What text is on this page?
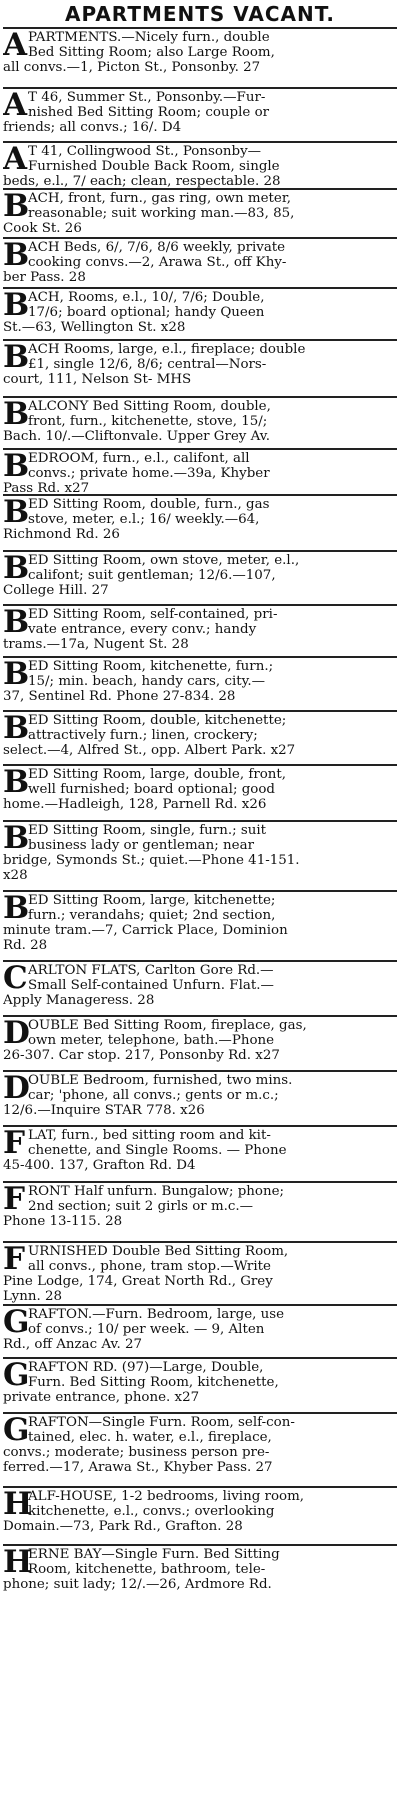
APARTMENTS VACANT.
A PARTMENTS.—Nicely furn., double
Bed Sitting Room; also Large Room,
all convs.—1, Picton St., Ponsonby. 27
A T 46, Summer St., Ponsonby.—Fur-
nished Bed Sitting Room; couple or
friends; all convs.; 16/. D4
A T 41, Collingwood St., Ponsonby—
Furnished Double Back Room, single
beds, e.l., 7/ each; clean, respectable. 28
B
ACH, front, furn., gas ring, own meter,
reasonable; suit working man.—83, 85,
Cook St. 26
B
ACH Beds, 6/, 7/6, 8/6 weekly, private
cooking convs.—2, Arawa St., off Khy-
ber Pass. 28
B
ACH, Rooms, e.l., 10/, 7/6; Double,
17/6; board optional; handy Queen
St.—63, Wellington St. x28
B
ACH Rooms, large, e.l., fireplace; double
£1, single 12/6, 8/6; central—Nors-
court, 111, Nelson St- MHS
B
ALCONY Bed Sitting Room, double,
front, furn., kitchenette, stove, 15/;
Bach. 10/.—Cliftonvale. Upper Grey Av.
B
EDROOM, furn., e.l., califont, all
convs.; private home.—39a, Khyber
Pass Rd. x27
B
ED Sitting Room, double, furn., gas
stove, meter, e.l.; 16/ weekly.—64,
Richmond Rd. 26
B
ED Sitting Room, own stove, meter, e.l.,
califont; suit gentleman; 12/6.—107,
College Hill. 27
B
ED Sitting Room, self-contained, pri-
vate entrance, every conv.; handy
trams.—17a, Nugent St. 28
B
ED Sitting Room, kitchenette, furn.;
15/; min. beach, handy cars, city.—
37, Sentinel Rd. Phone 27-834. 28
B
ED Sitting Room, double, kitchenette;
attractively furn.; linen, crockery;
select.—4, Alfred St., opp. Albert Park. x27
B
ED Sitting Room, large, double, front,
well furnished; board optional; good
home.—Hadleigh, 128, Parnell Rd. x26
B
ED Sitting Room, single, furn.; suit
business lady or gentleman; near
bridge, Symonds St.; quiet.—Phone 41-151.
x28
B
ED Sitting Room, large, kitchenette;
furn.; verandahs; quiet; 2nd section,
minute tram.—7, Carrick Place, Dominion
Rd. 28
C ARLTON FLATS, Carlton Gore Rd.—
Small Self-contained Unfurn. Flat.—
Apply Manageress. 28
D
OUBLE Bed Sitting Room, fireplace, gas,
own meter, telephone, bath.—Phone
26-307. Car stop. 217, Ponsonby Rd. x27
D
OUBLE Bedroom, furnished, two mins.
car; 'phone, all convs.; gents or m.c.;
12/6.—Inquire STAR 778. x26
F LAT, furn., bed sitting room and kit-
chenette, and Single Rooms. — Phone
45-400. 137, Grafton Rd. D4
F RONT Half unfurn. Bungalow; phone;
2nd section; suit 2 girls or m.c.—
Phone 13-115. 28
F URNISHED Double Bed Sitting Room,
all convs., phone, tram stop.—Write
Pine Lodge, 174, Great North Rd., Grey
Lynn. 28
G
RAFTON.—Furn. Bedroom, large, use
of convs.; 10/ per week. — 9, Alten
Rd., off Anzac Av. 27
G
RAFTON RD. (97)—Large, Double,
Furn. Bed Sitting Room, kitchenette,
private entrance, phone. x27
G
RAFTON—Single Furn. Room, self-con-
tained, elec. h. water, e.l., fireplace,
convs.; moderate; business person pre-
ferred.—17, Arawa St., Khyber Pass. 27
H
ALF-HOUSE, 1-2 bedrooms, living room,
kitchenette, e.l., convs.; overlooking
Domain.—73, Park Rd., Grafton. 28
H
ERNE BAY—Single Furn. Bed Sitting
Room, kitchenette, bathroom, tele-
phone; suit lady; 12/.—26, Ardmore Rd.
